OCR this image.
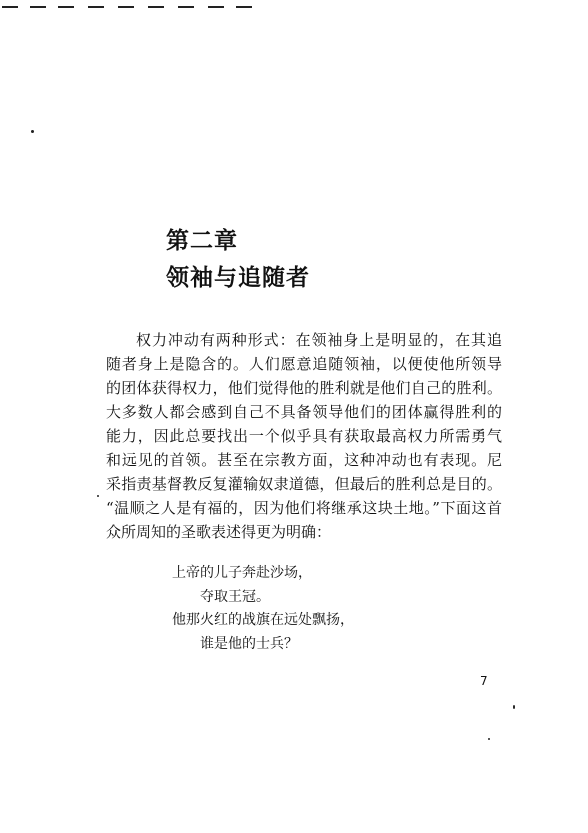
第二章
领袖与追随者
权力冲动有两种形式：在领袖身上是明显的，在其追
随者身上是隐含的。人们愿意追随领袖，以便使他所领导
的团体获得权力，他们觉得他的胜利就是他们自己的胜利。
大多数人都会感到自己不具备领导他们的团体赢得胜利的
能力，因此总要找出一个似乎具有获取最高权力所需勇气
和远见的首领。甚至在宗教方面，这种冲动也有表现。尼
采指责基督教反复灌输奴隶道德，但最后的胜利总是目的。
“温顺之人是有福的，因为他们将继承这块土地。”下面这首
众所周知的圣歌表述得更为明确：
上帝的儿子奔赴沙场，
夺取王冠。
他那火红的战旗在远处飘扬，
谁是他的士兵？
7
